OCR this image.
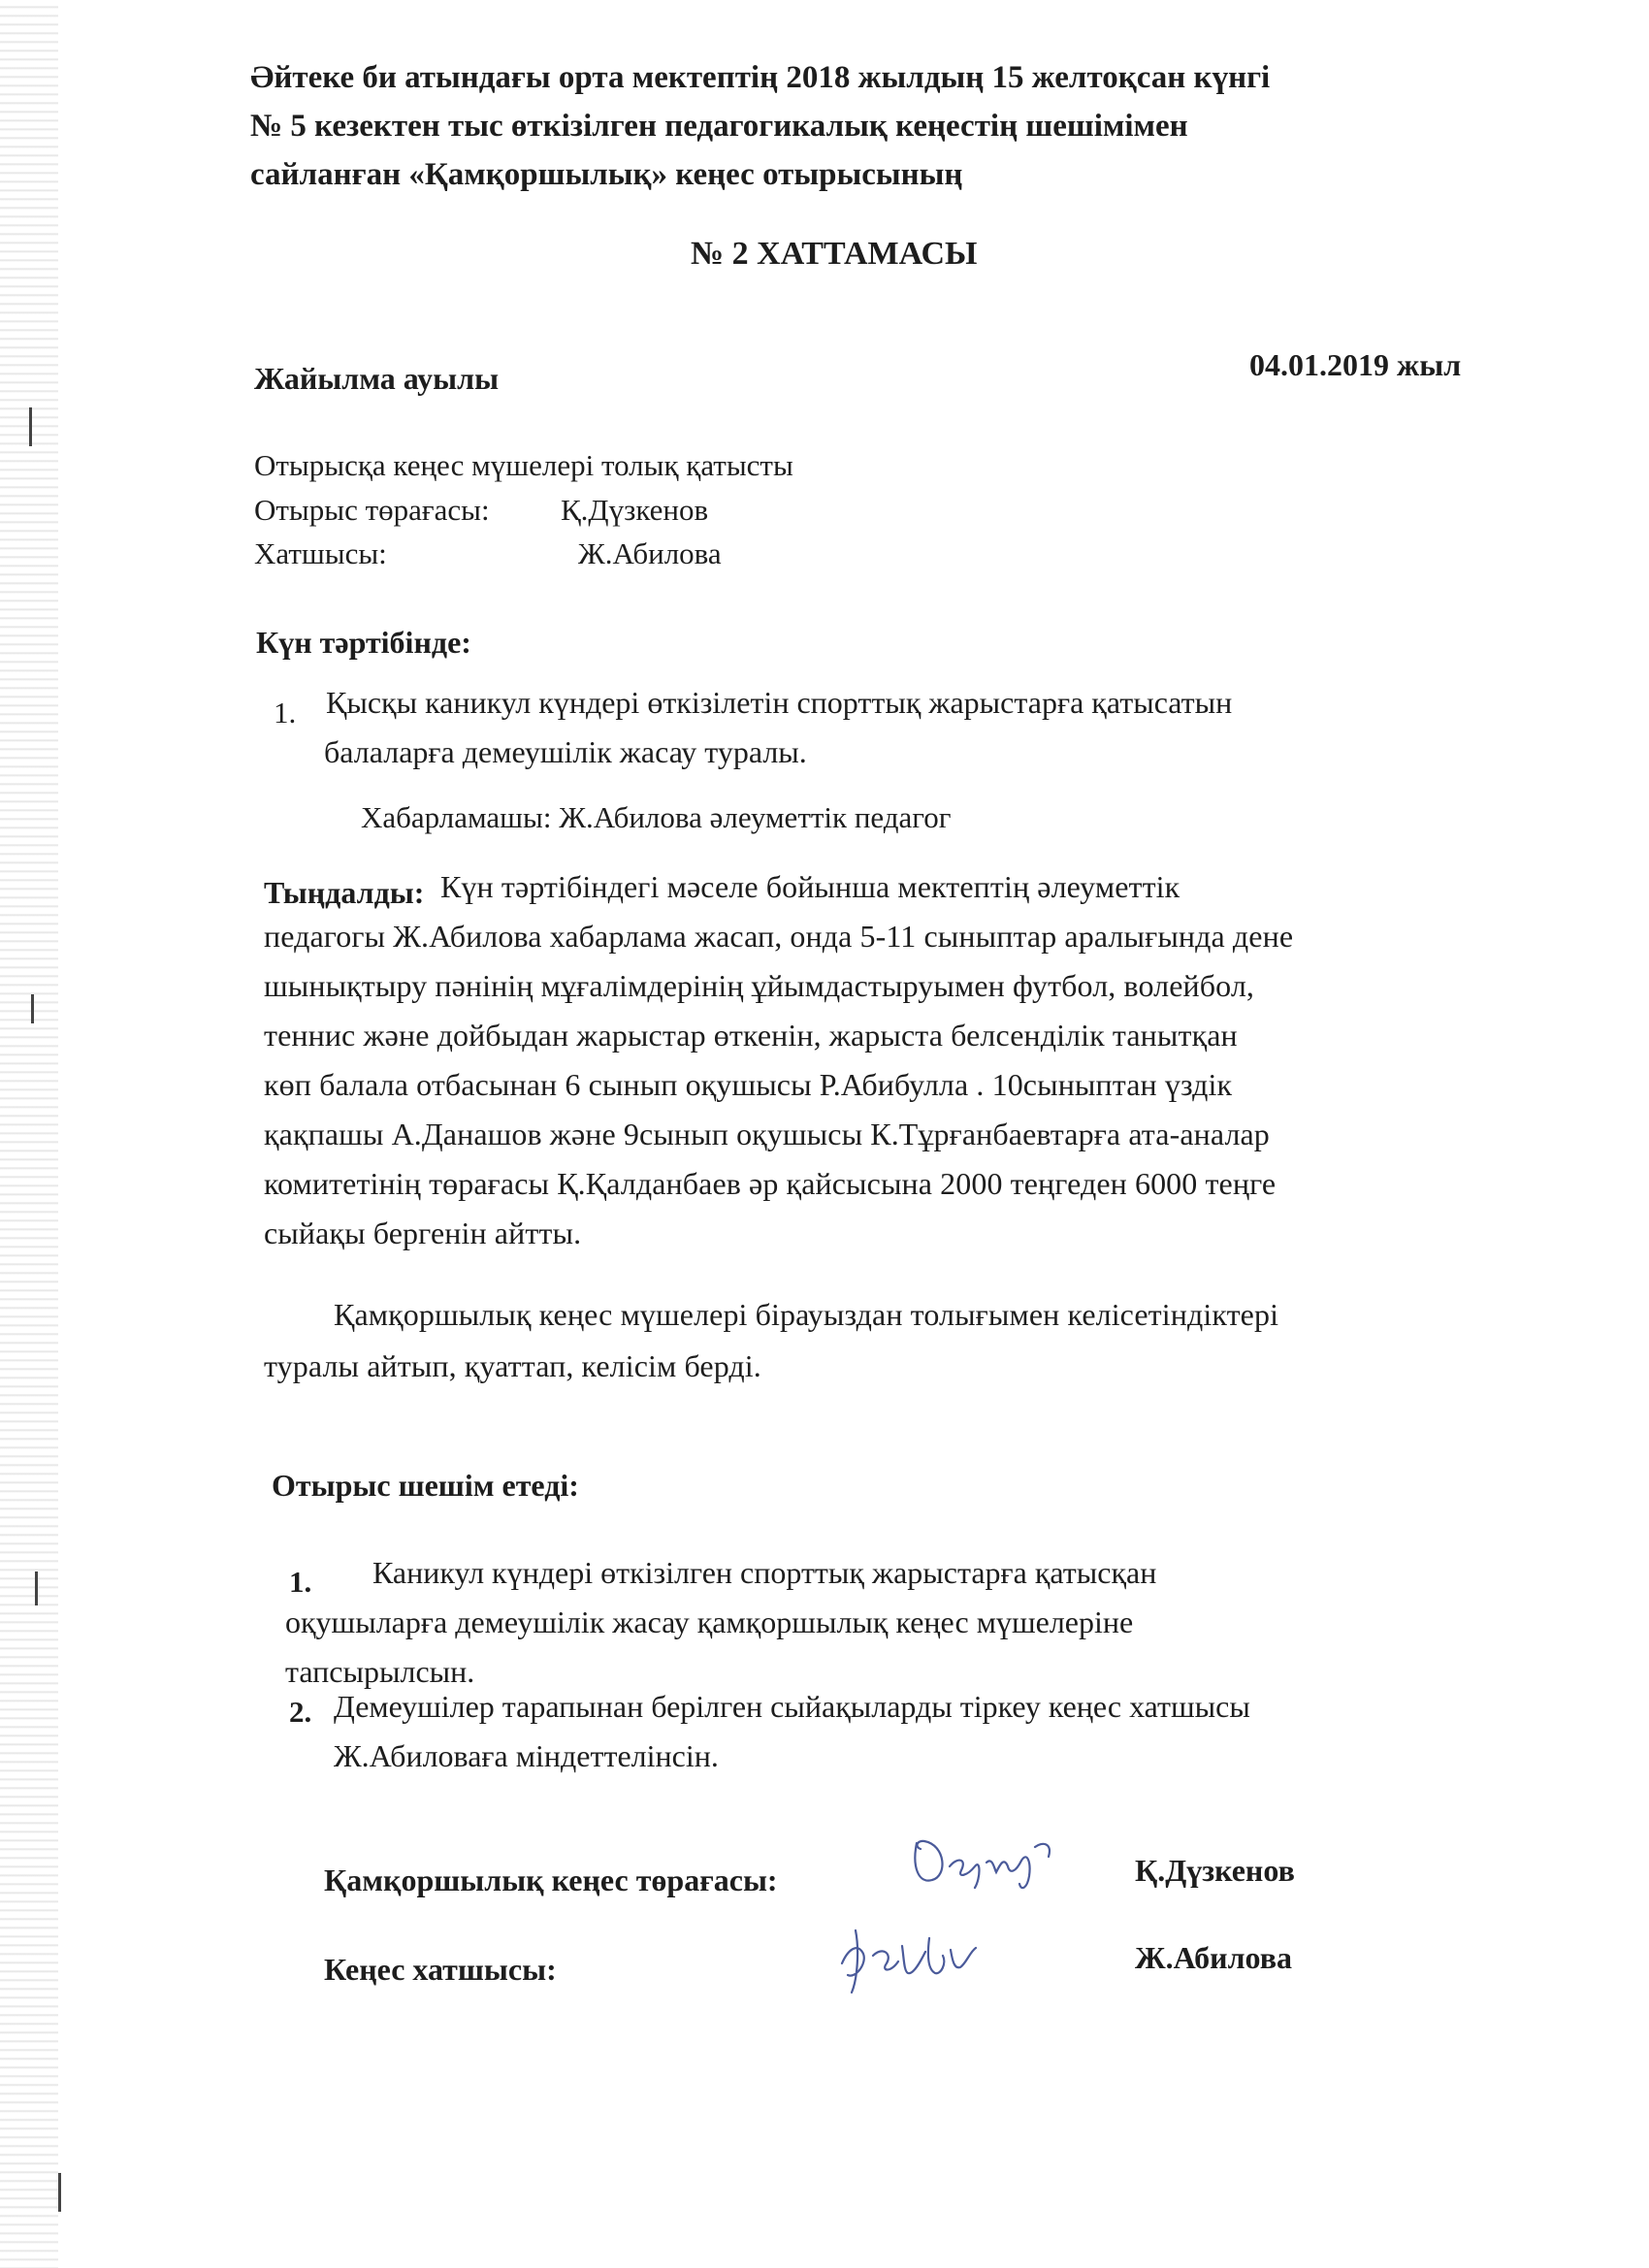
Әйтеке би атындағы орта мектептің 2018 жылдың 15 желтоқсан күнгі
№ 5 кезектен тыс өткізілген педагогикалық кеңестің шешімімен
сайланған «Қамқоршылық» кеңес отырысының
№ 2 ХАТТАМАСЫ
Жайылма ауылы	04.01.2019 жыл
Отырысқа кеңес мүшелері толық қатысты
Отырыс төрағасы: Қ.Дүзкенов
Хатшысы:	Ж.Абилова
Күн тәртібінде:
1. Қысқы каникул күндері өткізілетін спорттық жарыстарға қатысатын
балаларға демеушілік жасау туралы.
Хабарламашы: Ж.Абилова әлеуметтік педагог
Тыңдалды: Күн тәртібіндегі мәселе бойынша мектептің әлеуметтік
педагогы Ж.Абилова хабарлама жасап, онда 5-11 сыныптар аралығында дене
шынықтыру пәнінің мұғалімдерінің ұйымдастыруымен футбол, волейбол,
теннис және дойбыдан жарыстар өткенін, жарыста белсенділік танытқан
көп балала отбасынан 6 сынып оқушысы Р.Абибулла . 10сыныптан үздік
қақпашы А.Данашов және 9сынып оқушысы К.Тұрғанбаевтарға ата-аналар
комитетінің төрағасы Қ.Қалданбаев әр қайсысына 2000 теңгеден 6000 теңге
сыйақы бергенін айтты.
Қамқоршылық кеңес мүшелері бірауыздан толығымен келісетіндіктері
туралы айтып, қуаттап, келісім берді.
Отырыс шешім етеді:
1. Каникул күндері өткізілген спорттық жарыстарға қатысқан
оқушыларға демеушілік жасау қамқоршылық кеңес мүшелеріне
тапсырылсын.
2. Демеушілер тарапынан берілген сыйақыларды тіркеу кеңес хатшысы
Ж.Абиловаға міндеттелінсін.
Қамқоршылық кеңес төрағасы:	Қ.Дүзкенов
Кеңес хатшысы:	Ж.Абилова
